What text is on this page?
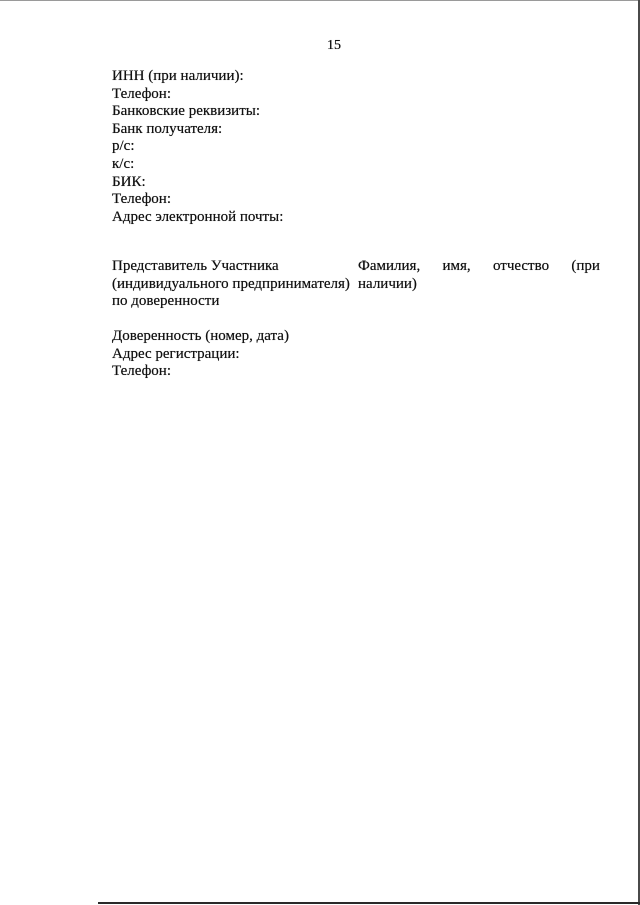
15
ИНН (при наличии):
Телефон:
Банковские реквизиты:
Банк получателя:
р/с:
к/с:
БИК:
Телефон:
Адрес электронной почты:
Представитель Участника
(индивидуального предпринимателя)
по доверенности
Фамилия, имя, отчество (при
наличии)
Доверенность (номер, дата)
Адрес регистрации:
Телефон:
